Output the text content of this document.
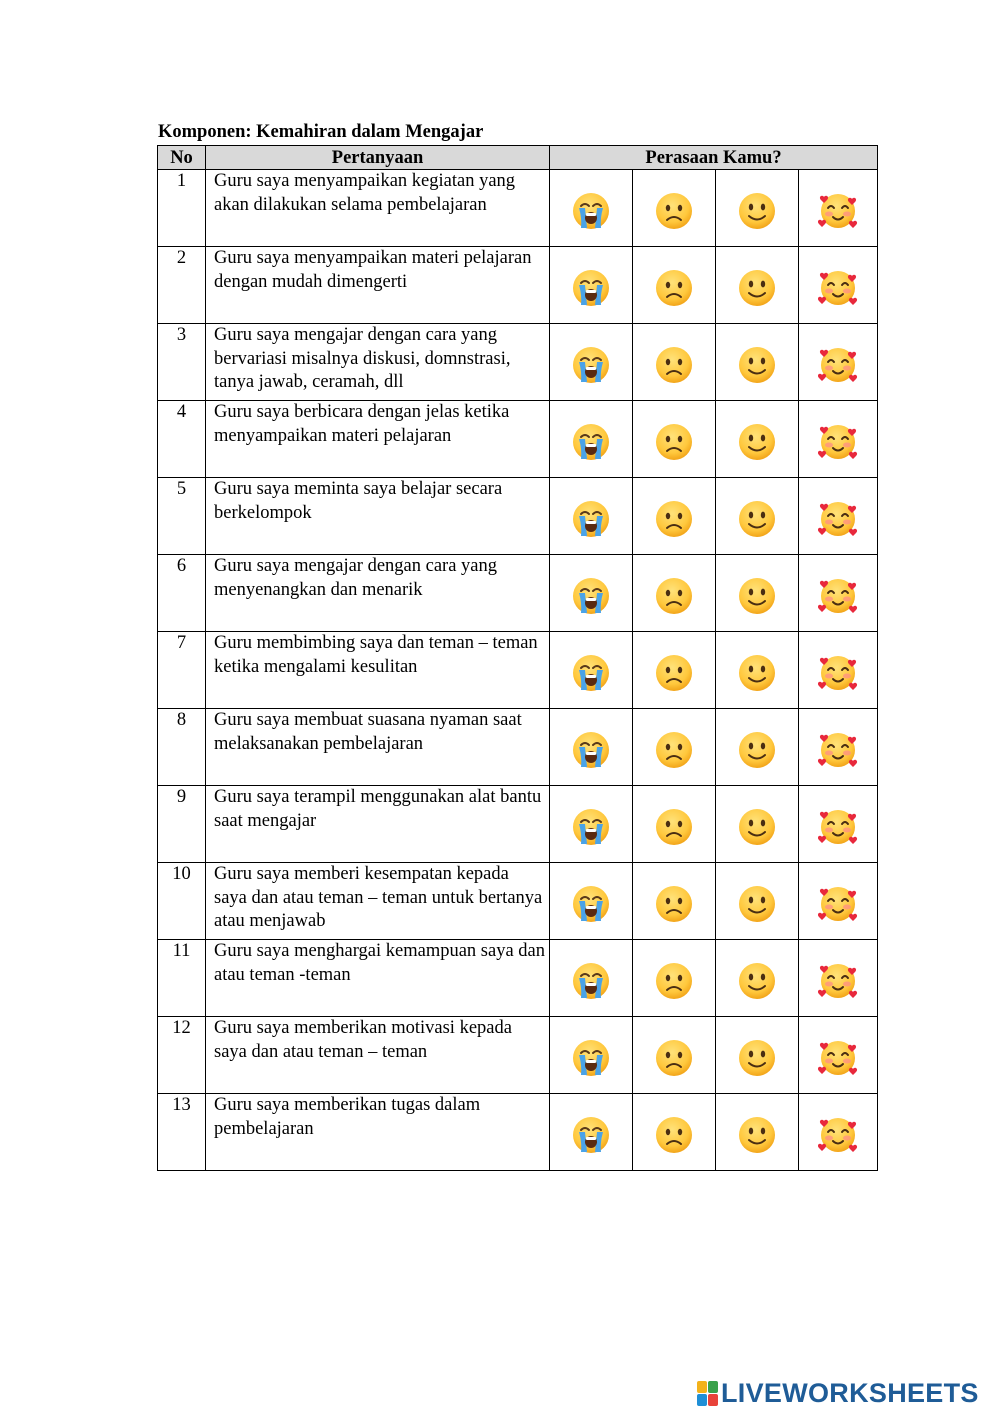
Komponen: Kemahiran dalam Mengajar
No	Pertanyaan	Perasaan Kamu?			
1	Guru saya menyampaikan kegiatan yang akan dilakukan selama pembelajaran				
2	Guru saya menyampaikan materi pelajaran dengan mudah dimengerti				
3	Guru saya mengajar dengan cara yang bervariasi misalnya diskusi, domnstrasi, tanya jawab, ceramah, dll				
4	Guru saya berbicara dengan jelas ketika menyampaikan materi pelajaran				
5	Guru saya meminta saya belajar secara berkelompok				
6	Guru saya mengajar dengan cara yang menyenangkan dan menarik				
7	Guru membimbing saya dan teman – teman ketika mengalami kesulitan				
8	Guru saya membuat suasana nyaman saat melaksanakan pembelajaran				
9	Guru saya terampil menggunakan alat bantu saat mengajar				
10	Guru saya memberi kesempatan kepada saya dan atau teman – teman untuk bertanya atau menjawab				
11	Guru saya menghargai kemampuan saya dan atau teman -teman				
12	Guru saya memberikan motivasi kepada saya dan atau teman – teman				
13	Guru saya memberikan tugas dalam pembelajaran				
LIVEWORKSHEETS
